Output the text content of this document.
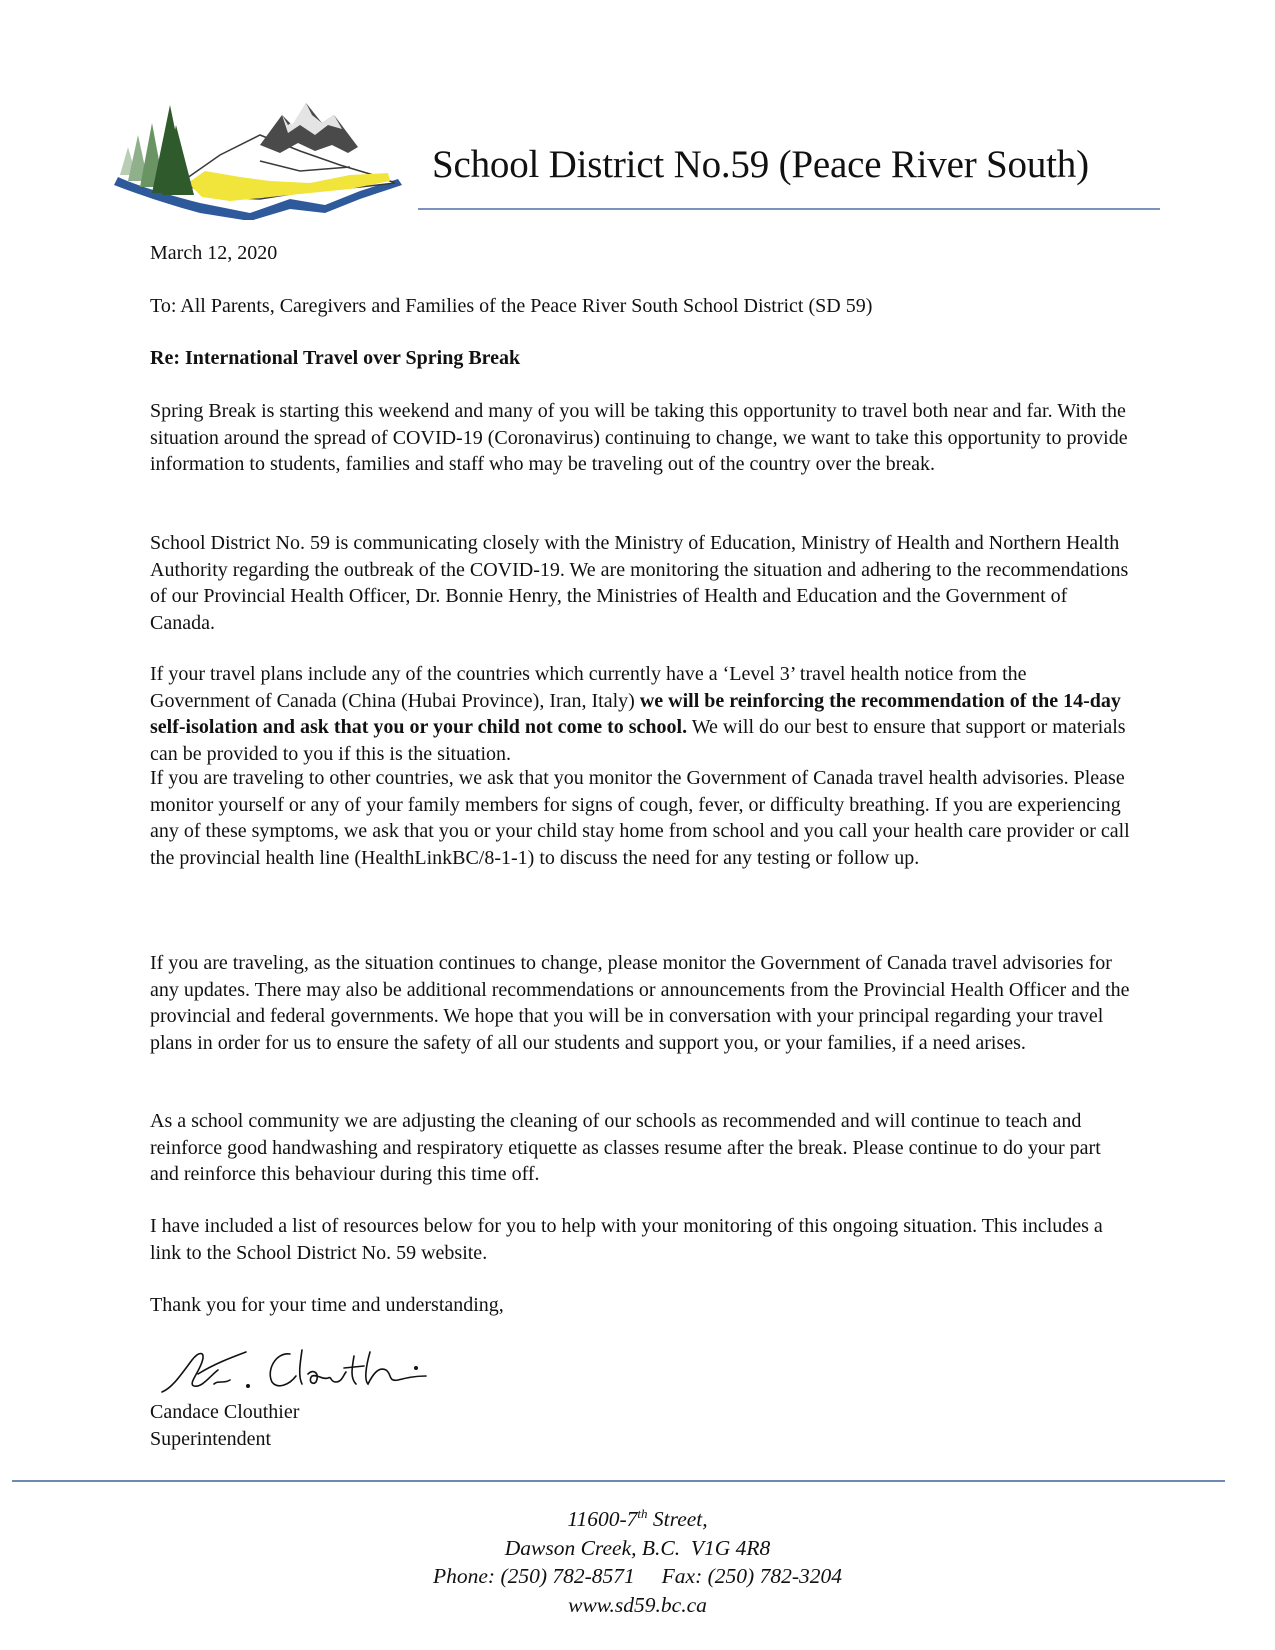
School District No.59 (Peace River South)
March 12, 2020
To: All Parents, Caregivers and Families of the Peace River South School District (SD 59)
Re: International Travel over Spring Break

Spring Break is starting this weekend and many of you will be taking this opportunity to travel both near and far. With the situation around the spread of COVID-19 (Coronavirus) continuing to change, we want to take this opportunity to provide information to students, families and staff who may be traveling out of the country over the break.

School District No. 59 is communicating closely with the Ministry of Education, Ministry of Health and Northern Health Authority regarding the outbreak of the COVID-19. We are monitoring the situation and adhering to the recommendations of our Provincial Health Officer, Dr. Bonnie Henry, the Ministries of Health and Education and the Government of Canada.

If your travel plans include any of the countries which currently have a ‘Level 3’ travel health notice from the Government of Canada (China (Hubai Province), Iran, Italy) we will be reinforcing the recommendation of the 14-day self-isolation and ask that you or your child not come to school. We will do our best to ensure that support or materials can be provided to you if this is the situation.

If you are traveling to other countries, we ask that you monitor the Government of Canada travel health advisories. Please monitor yourself or any of your family members for signs of cough, fever, or difficulty breathing. If you are experiencing any of these symptoms, we ask that you or your child stay home from school and you call your health care provider or call the provincial health line (HealthLinkBC/8-1-1) to discuss the need for any testing or follow up.

If you are traveling, as the situation continues to change, please monitor the Government of Canada travel advisories for any updates. There may also be additional recommendations or announcements from the Provincial Health Officer and the provincial and federal governments. We hope that you will be in conversation with your principal regarding your travel plans in order for us to ensure the safety of all our students and support you, or your families, if a need arises.

As a school community we are adjusting the cleaning of our schools as recommended and will continue to teach and reinforce good handwashing and respiratory etiquette as classes resume after the break. Please continue to do your part and reinforce this behaviour during this time off.

I have included a list of resources below for you to help with your monitoring of this ongoing situation. This includes a link to the School District No. 59 website.

Thank you for your time and understanding,
Candace Clouthier
Superintendent
11600-7th Street,
Dawson Creek, B.C.  V1G 4R8
Phone: (250) 782-8571     Fax: (250) 782-3204
www.sd59.bc.ca
